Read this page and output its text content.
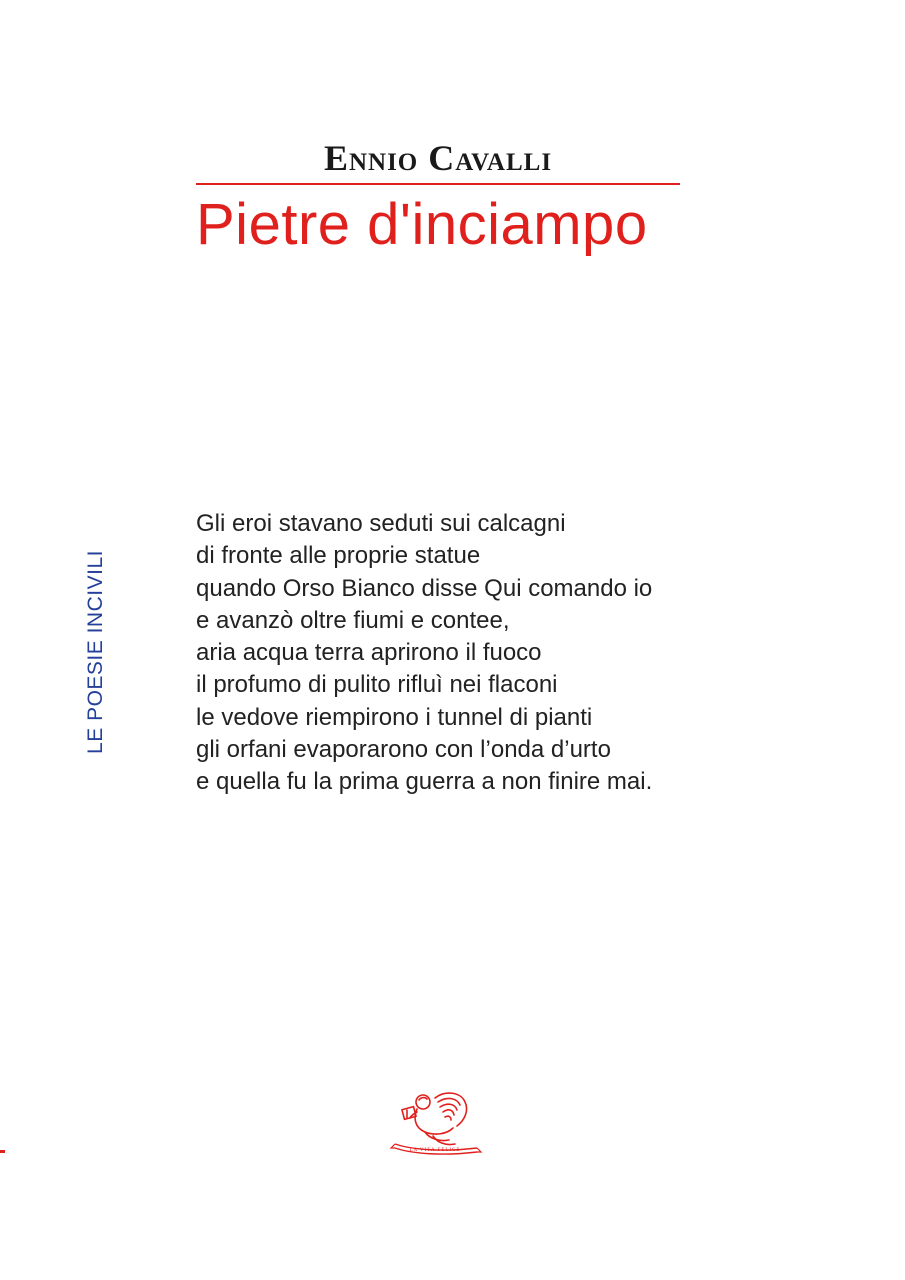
Ennio Cavalli
Pietre d'inciampo
LE POESIE INCIVILI
Gli eroi stavano seduti sui calcagni
di fronte alle proprie statue
quando Orso Bianco disse Qui comando io
e avanzò oltre fiumi e contee,
aria acqua terra aprirono il fuoco
il profumo di pulito rifluì nei flaconi
le vedove riempirono i tunnel di pianti
gli orfani evaporarono con l’onda d’urto
e quella fu la prima guerra a non finire mai.
LA VITA FELICE
